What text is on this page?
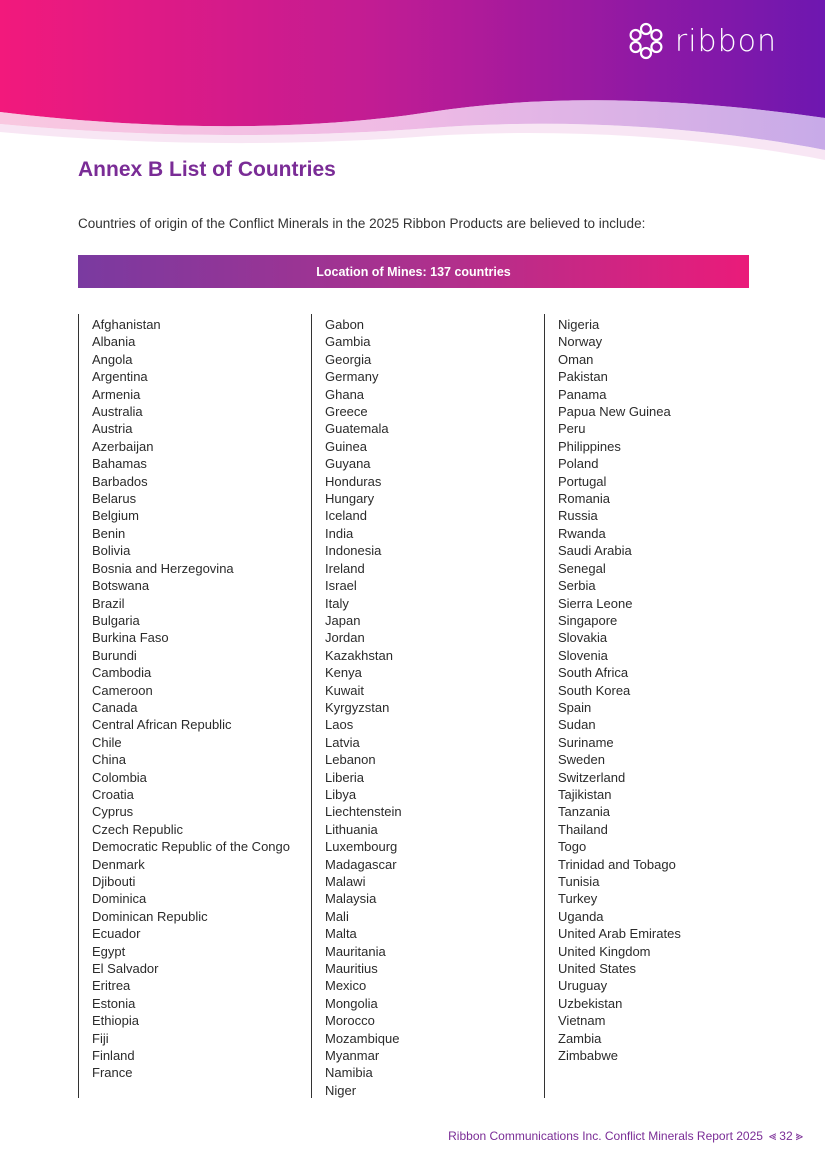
ribbon
Annex B List of Countries

Countries of origin of the Conflict Minerals in the 2025 Ribbon Products are believed to include:

Location of Mines: 137 countries
Afghanistan
Albania
Angola
Argentina
Armenia
Australia
Austria
Azerbaijan
Bahamas
Barbados
Belarus
Belgium
Benin
Bolivia
Bosnia and Herzegovina
Botswana
Brazil
Bulgaria
Burkina Faso
Burundi
Cambodia
Cameroon
Canada
Central African Republic
Chile
China
Colombia
Croatia
Cyprus
Czech Republic
Democratic Republic of the Congo
Denmark
Djibouti
Dominica
Dominican Republic
Ecuador
Egypt
El Salvador
Eritrea
Estonia
Ethiopia
Fiji
Finland
France
Gabon
Gambia
Georgia
Germany
Ghana
Greece
Guatemala
Guinea
Guyana
Honduras
Hungary
Iceland
India
Indonesia
Ireland
Israel
Italy
Japan
Jordan
Kazakhstan
Kenya
Kuwait
Kyrgyzstan
Laos
Latvia
Lebanon
Liberia
Libya
Liechtenstein
Lithuania
Luxembourg
Madagascar
Malawi
Malaysia
Mali
Malta
Mauritania
Mauritius
Mexico
Mongolia
Morocco
Mozambique
Myanmar
Namibia
Niger
Nigeria
Norway
Oman
Pakistan
Panama
Papua New Guinea
Peru
Philippines
Poland
Portugal
Romania
Russia
Rwanda
Saudi Arabia
Senegal
Serbia
Sierra Leone
Singapore
Slovakia
Slovenia
South Africa
South Korea
Spain
Sudan
Suriname
Sweden
Switzerland
Tajikistan
Tanzania
Thailand
Togo
Trinidad and Tobago
Tunisia
Turkey
Uganda
United Arab Emirates
United Kingdom
United States
Uruguay
Uzbekistan
Vietnam
Zambia
Zimbabwe
Ribbon Communications Inc. Conflict Minerals Report 2025 ⪡ 32 ⪢
